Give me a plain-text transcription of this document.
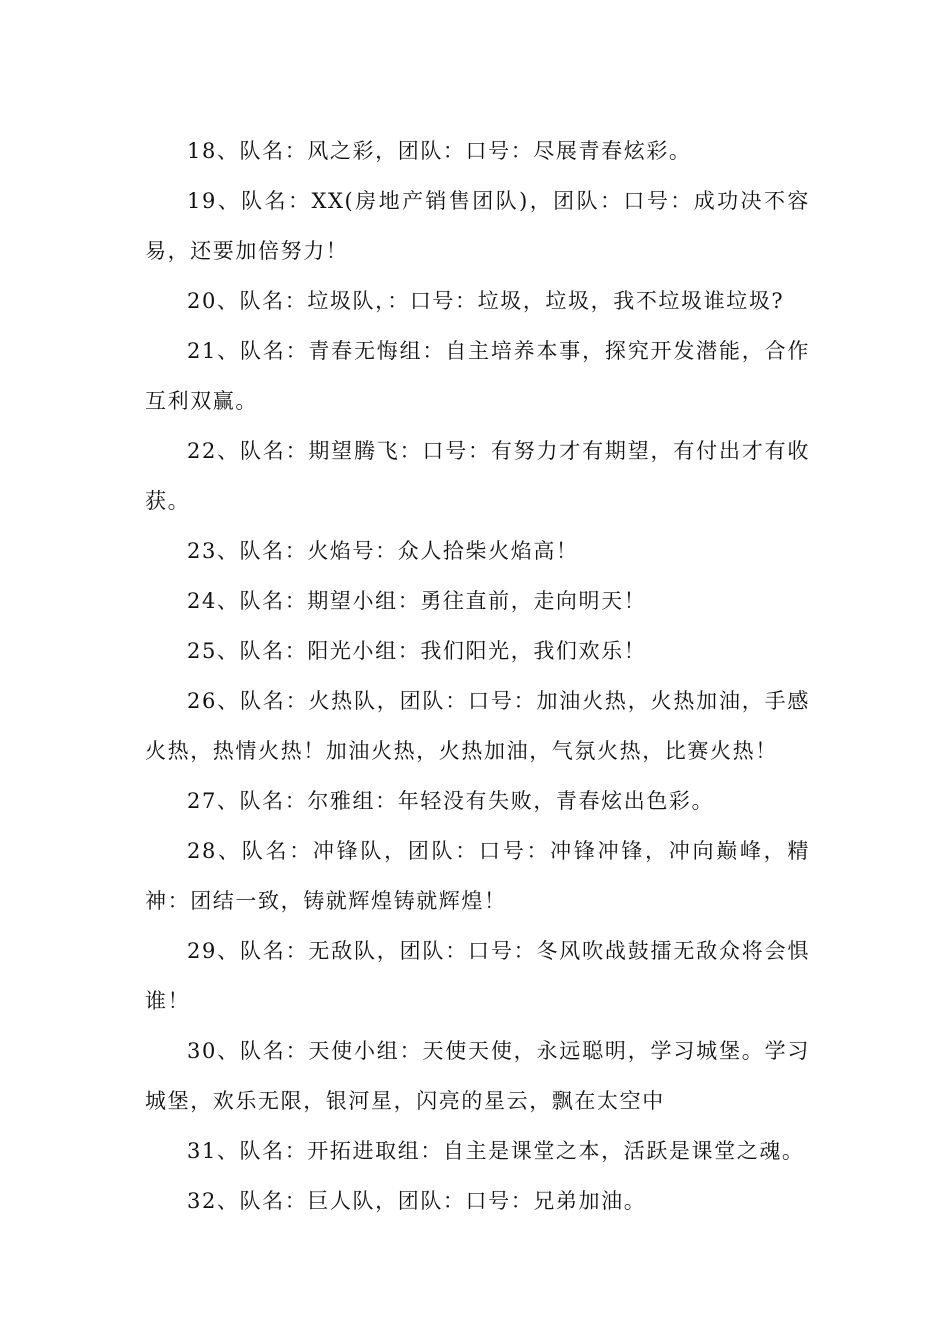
18、队名：风之彩，团队：口号：尽展青春炫彩。

19、队名：XX(房地产销售团队)，团队：口号：成功决不容易，还要加倍努力！

20、队名：垃圾队，：口号：垃圾，垃圾，我不垃圾谁垃圾?

21、队名：青春无悔组：自主培养本事，探究开发潜能，合作互利双赢。

22、队名：期望腾飞：口号：有努力才有期望，有付出才有收获。

23、队名：火焰号：众人拾柴火焰高！

24、队名：期望小组：勇往直前，走向明天！

25、队名：阳光小组：我们阳光，我们欢乐！

26、队名：火热队，团队：口号：加油火热，火热加油，手感火热，热情火热！加油火热，火热加油，气氛火热，比赛火热！

27、队名：尔雅组：年轻没有失败，青春炫出色彩。

28、队名：冲锋队，团队：口号：冲锋冲锋，冲向巅峰，精神：团结一致，铸就辉煌铸就辉煌！

29、队名：无敌队，团队：口号：冬风吹战鼓擂无敌众将会惧谁！

30、队名：天使小组：天使天使，永远聪明，学习城堡。学习城堡，欢乐无限，银河星，闪亮的星云，飘在太空中

31、队名：开拓进取组：自主是课堂之本，活跃是课堂之魂。

32、队名：巨人队，团队：口号：兄弟加油。
